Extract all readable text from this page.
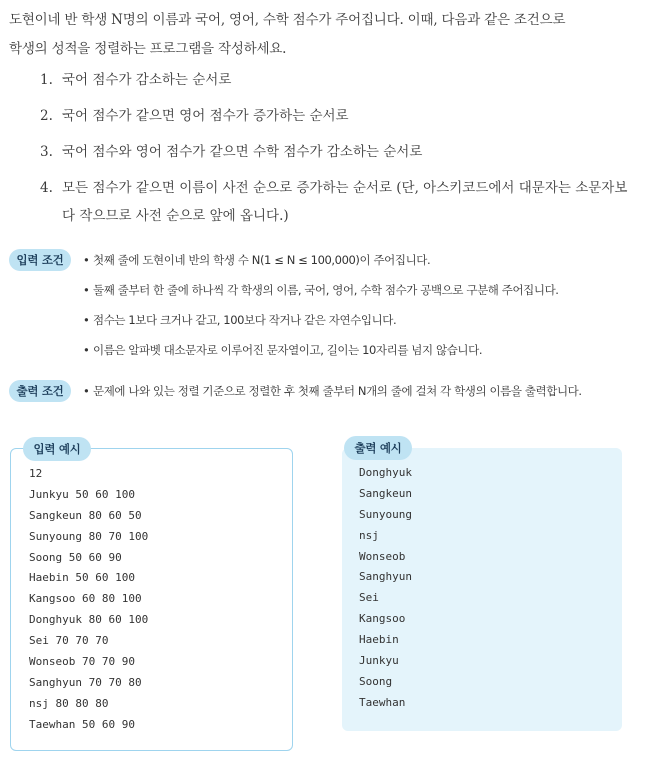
도현이네 반 학생 N명의 이름과 국어, 영어, 수학 점수가 주어집니다. 이때, 다음과 같은 조건으로

학생의 성적을 정렬하는 프로그램을 작성하세요.

1. 국어 점수가 감소하는 순서로
2. 국어 점수가 같으면 영어 점수가 증가하는 순서로
3. 국어 점수와 영어 점수가 같으면 수학 점수가 감소하는 순서로
4. 모든 점수가 같으면 이름이 사전 순으로 증가하는 순서로 (단, 아스키코드에서 대문자는 소문자보다 작으므로 사전 순으로 앞에 옵니다.)
입력 조건	• 첫째 줄에 도현이네 반의 학생 수 N(1 ≤ N ≤ 100,000)이 주어집니다.
• 둘째 줄부터 한 줄에 하나씩 각 학생의 이름, 국어, 영어, 수학 점수가 공백으로 구분해 주어집니다.
• 점수는 1보다 크거나 같고, 100보다 작거나 같은 자연수입니다.
• 이름은 알파벳 대소문자로 이루어진 문자열이고, 길이는 10자리를 넘지 않습니다.
출력 조건	• 문제에 나와 있는 정렬 기준으로 정렬한 후 첫째 줄부터 N개의 줄에 걸쳐 각 학생의 이름을 출력합니다.
입력 예시
12
Junkyu 50 60 100
Sangkeun 80 60 50
Sunyoung 80 70 100
Soong 50 60 90
Haebin 50 60 100
Kangsoo 60 80 100
Donghyuk 80 60 100
Sei 70 70 70
Wonseob 70 70 90
Sanghyun 70 70 80
nsj 80 80 80
Taewhan 50 60 90
출력 예시
Donghyuk
Sangkeun
Sunyoung
nsj
Wonseob
Sanghyun
Sei
Kangsoo
Haebin
Junkyu
Soong
Taewhan
